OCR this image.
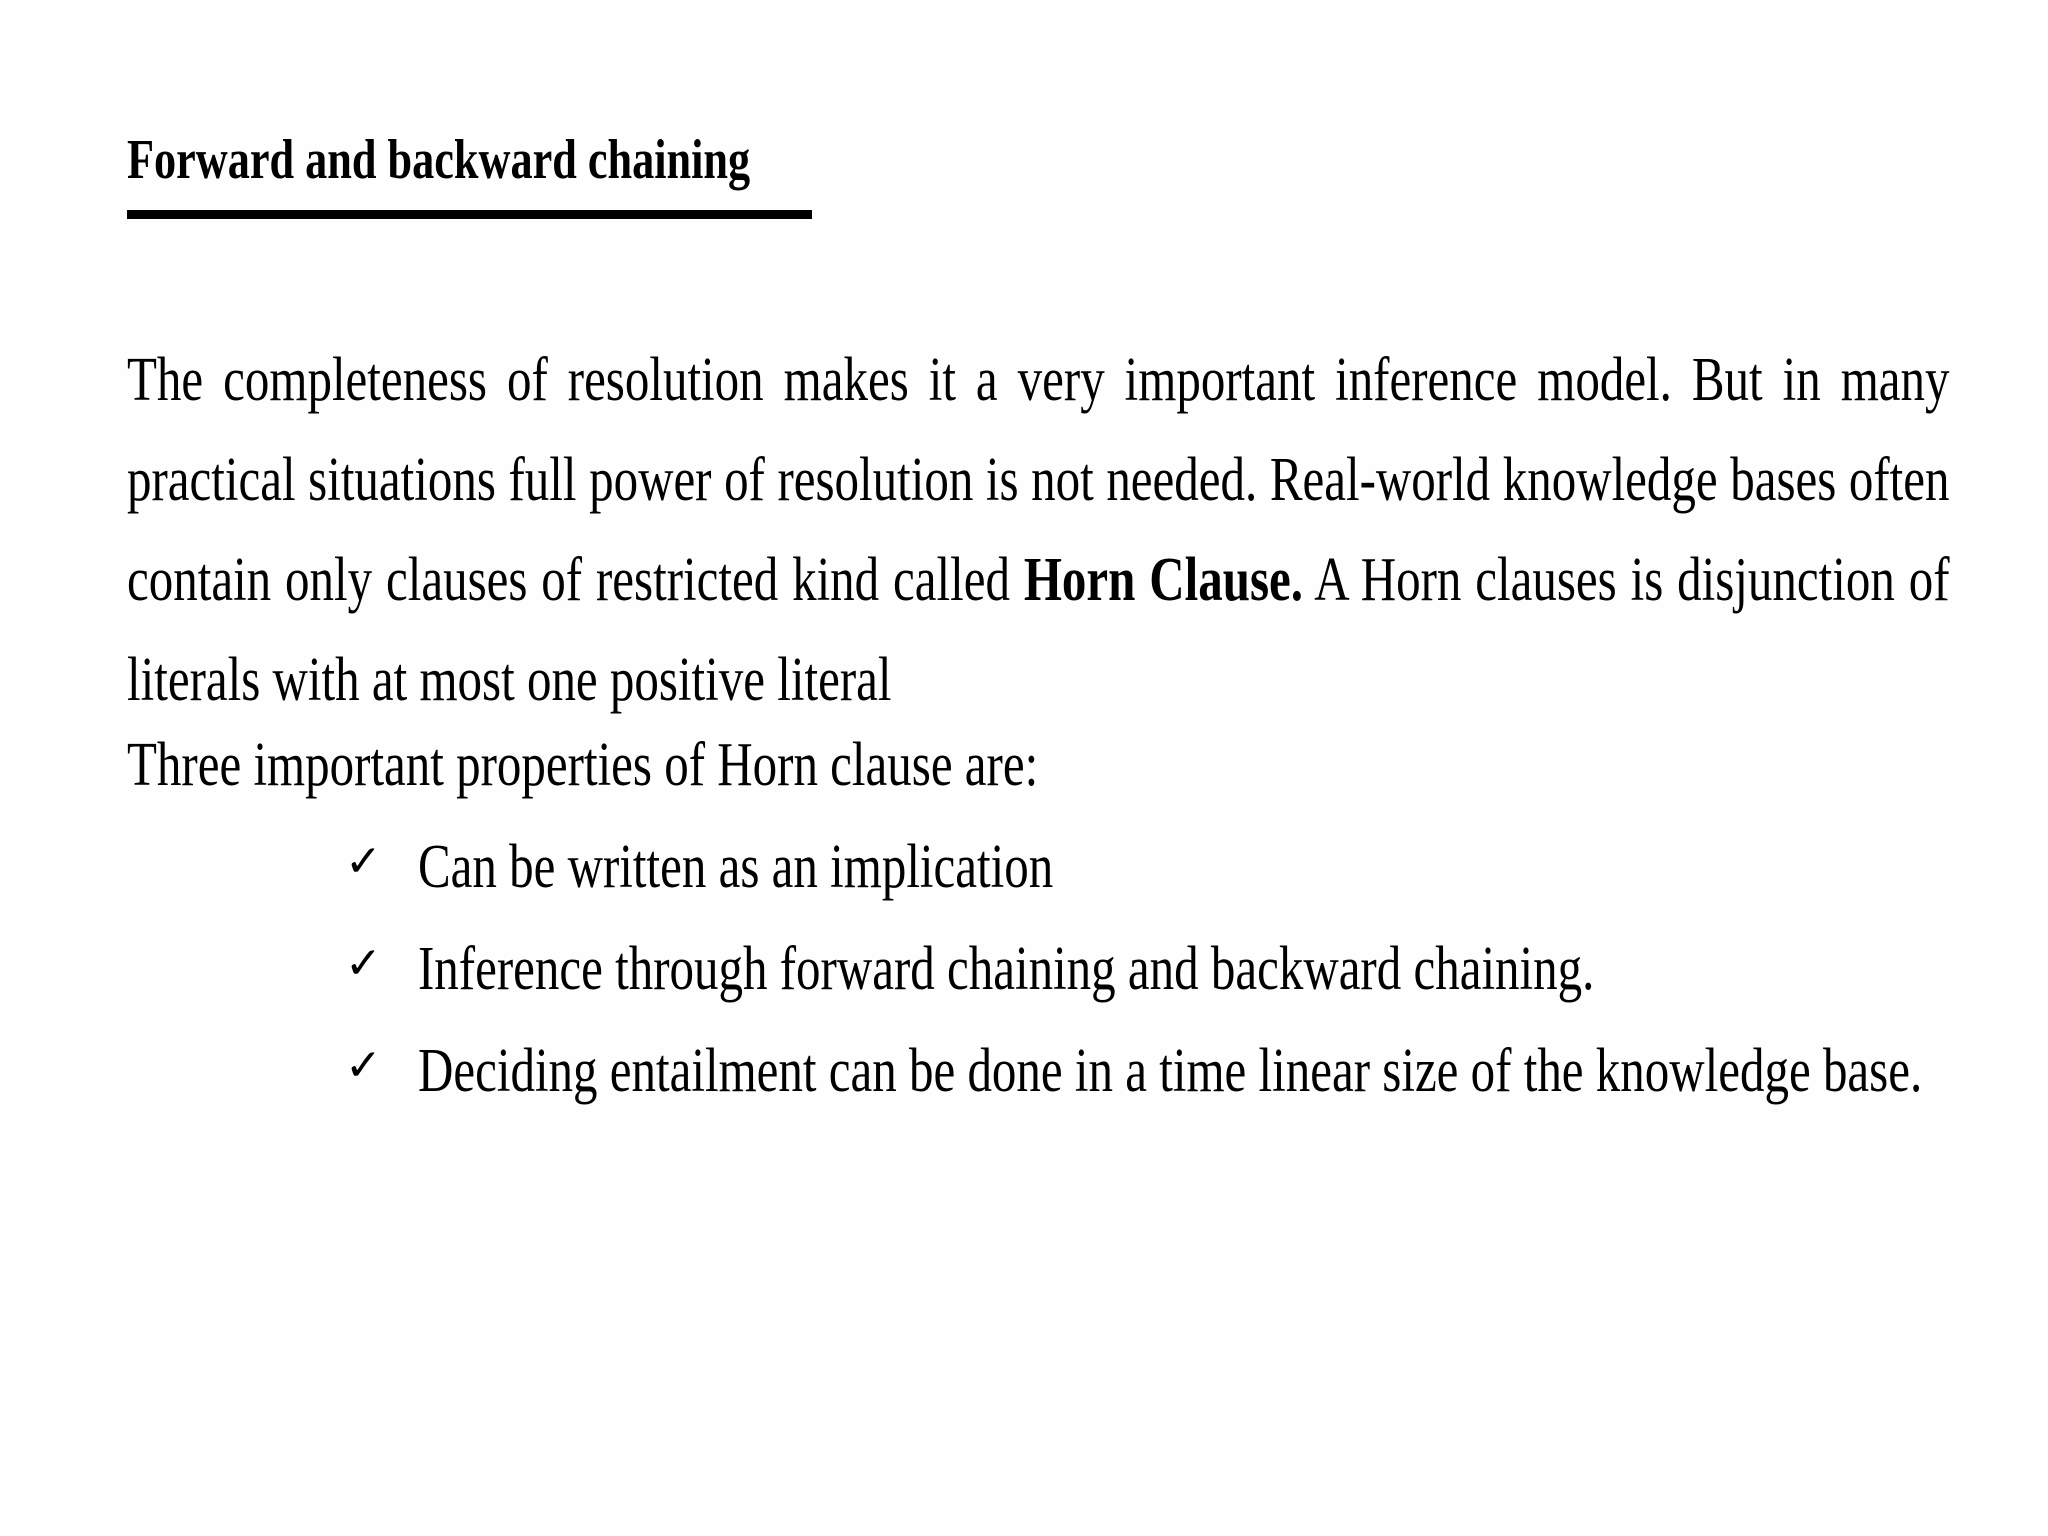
Forward and backward chaining
The completeness of resolution makes it a very important inference model. But in many
practical situations full power of resolution is not needed. Real-world knowledge bases often
contain only clauses of restricted kind called Horn Clause. A Horn clauses is disjunction of
literals with at most one positive literal
Three important properties of Horn clause are:
✓ Can be written as an implication
✓ Inference through forward chaining and backward chaining.
✓ Deciding entailment can be done in a time linear size of the knowledge base.
